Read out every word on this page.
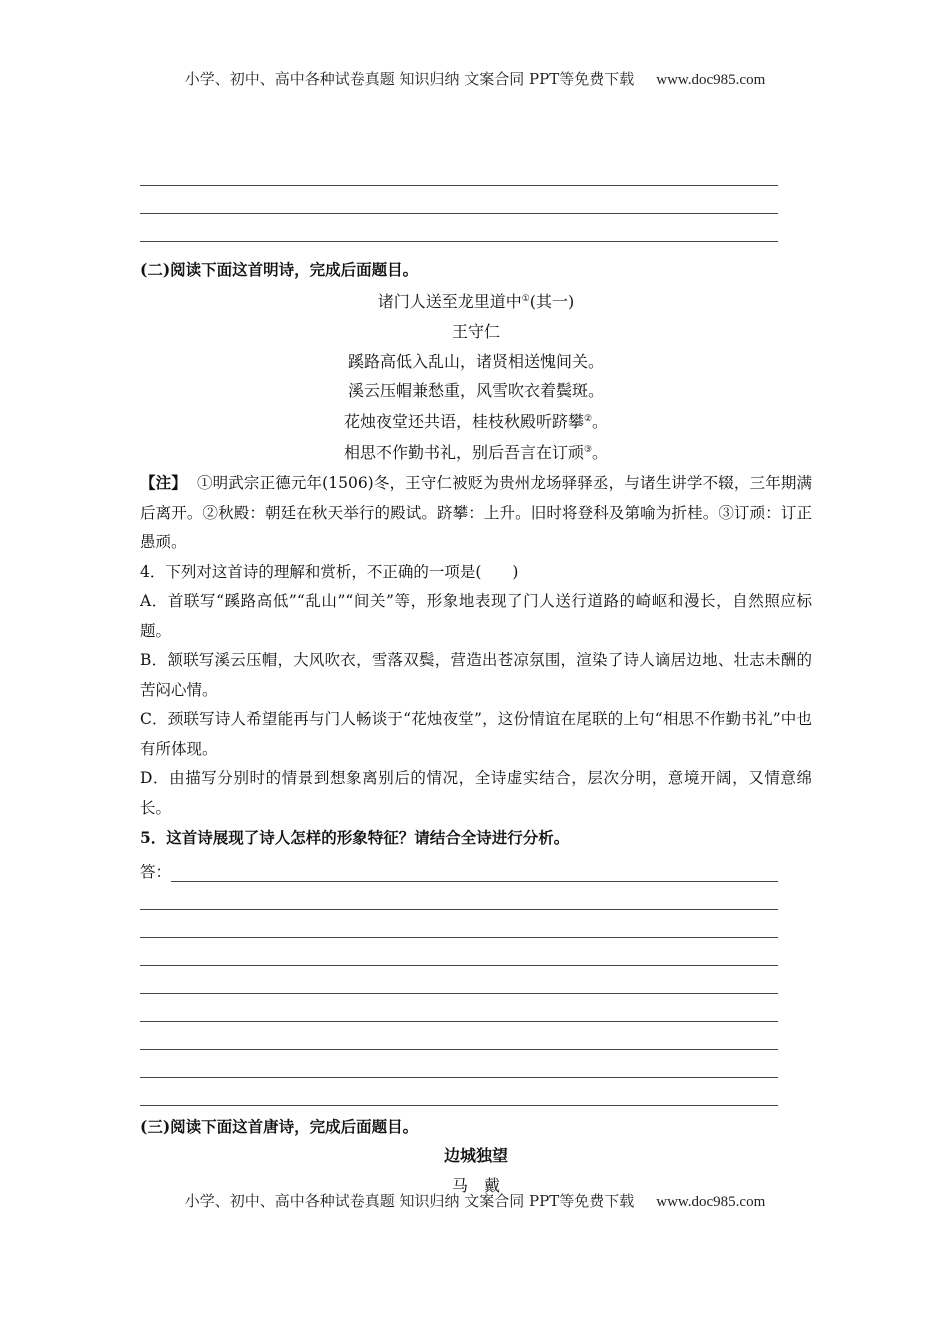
小学、初中、高中各种试卷真题 知识归纳 文案合同 PPT等免费下载 www.doc985.com
(二)阅读下面这首明诗，完成后面题目。
诸门人送至龙里道中①(其一)
王守仁
蹊路高低入乱山，诸贤相送愧间关。
溪云压帽兼愁重，风雪吹衣着鬓斑。
花烛夜堂还共语，桂枝秋殿听跻攀②。
相思不作勤书礼，别后吾言在订顽③。
【注】 ①明武宗正德元年(1506)冬，王守仁被贬为贵州龙场驿驿丞，与诸生讲学不辍，三年期满后离开。②秋殿：朝廷在秋天举行的殿试。跻攀：上升。旧时将登科及第喻为折桂。③订顽：订正愚顽。
4．下列对这首诗的理解和赏析，不正确的一项是(　　)
A．首联写“蹊路高低”“乱山”“间关”等，形象地表现了门人送行道路的崎岖和漫长，自然照应标题。
B．颔联写溪云压帽，大风吹衣，雪落双鬓，营造出苍凉氛围，渲染了诗人谪居边地、壮志未酬的苦闷心情。
C．颈联写诗人希望能再与门人畅谈于“花烛夜堂”，这份情谊在尾联的上句“相思不作勤书礼”中也有所体现。
D．由描写分别时的情景到想象离别后的情况，全诗虚实结合，层次分明，意境开阔，又情意绵长。
5．这首诗展现了诗人怎样的形象特征？请结合全诗进行分析。
答：
(三)阅读下面这首唐诗，完成后面题目。
边城独望
马　戴
小学、初中、高中各种试卷真题 知识归纳 文案合同 PPT等免费下载 www.doc985.com
